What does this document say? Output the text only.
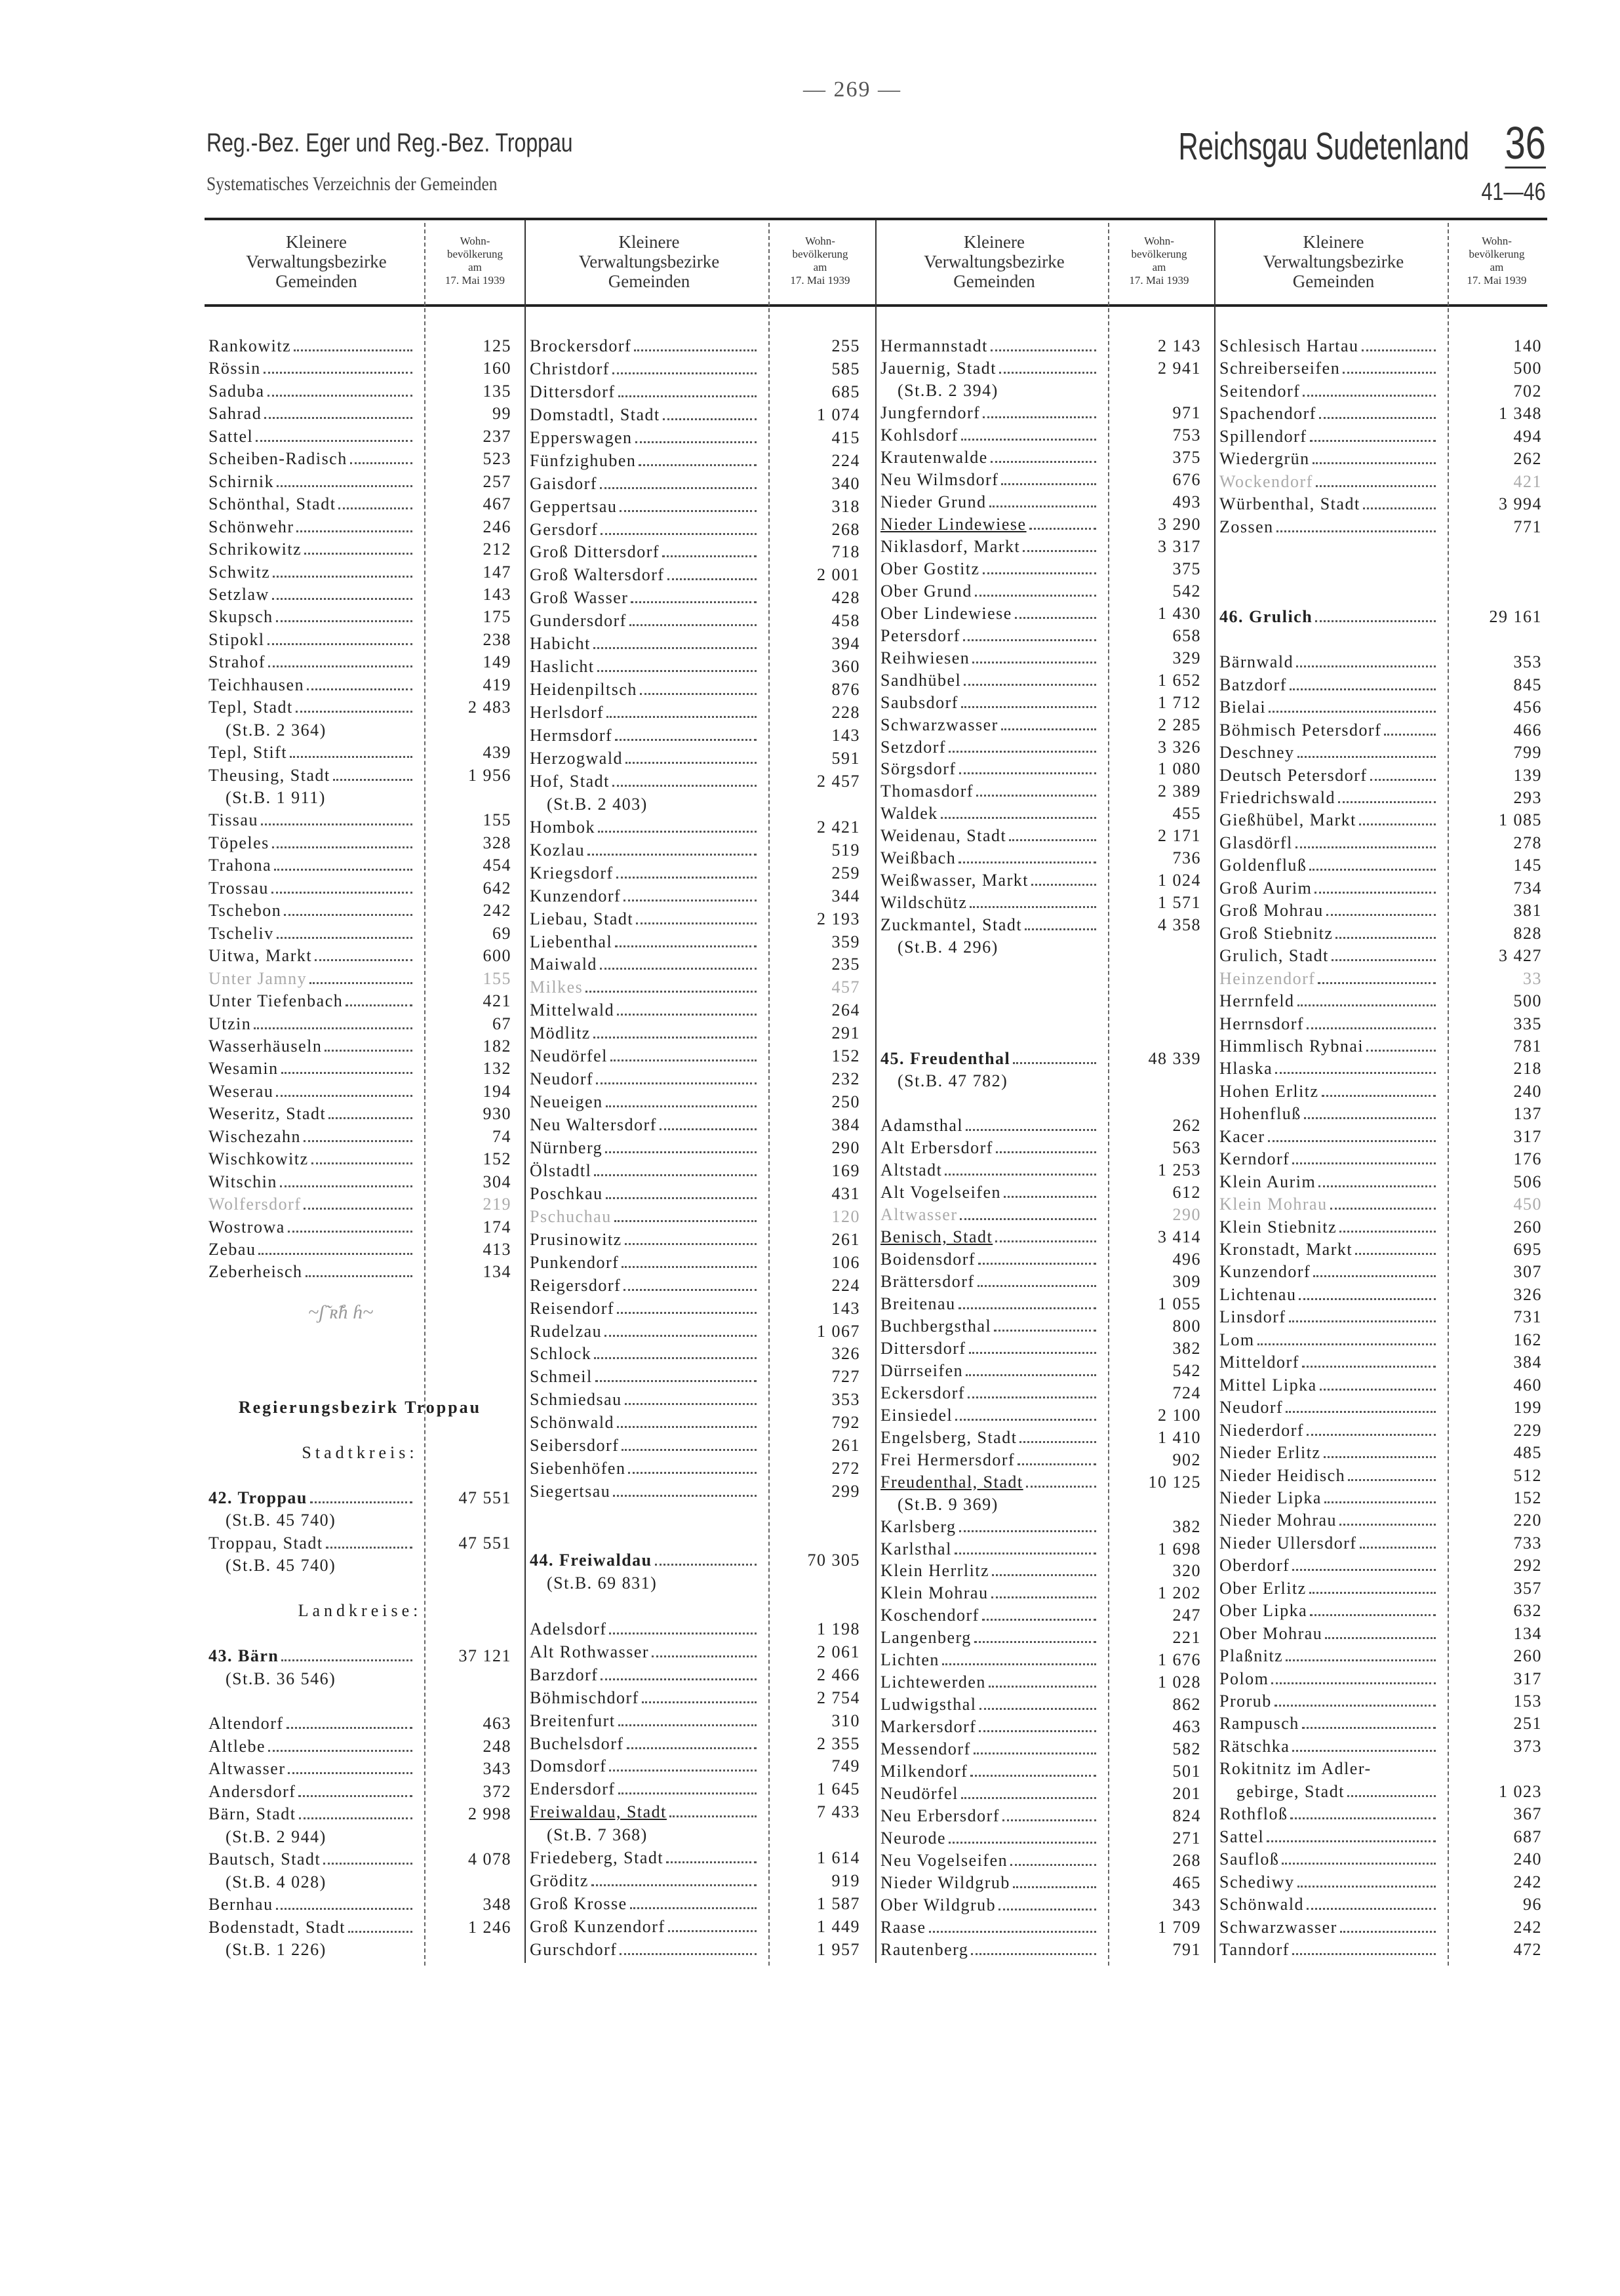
— 269 —
Reg.-Bez. Eger und Reg.-Bez. Troppau
Systematisches Verzeichnis der Gemeinden
Reichsgau Sudetenland 36
41—46
Kleinere
Verwaltungsbezirke
Gemeinden
Wohn-
bevölkerung
am
17. Mai 1939
Rankowitz	125
Rössin	160
Saduba	135
Sahrad	99
Sattel	237
Scheiben-Radisch	523
Schirnik	257
Schönthal, Stadt	467
Schönwehr	246
Schrikowitz	212
Schwitz	147
Setzlaw	143
Skupsch	175
Stipokl	238
Strahof	149
Teichhausen	419
Tepl, Stadt	2 483
(St.B. 2 364)
Tepl, Stift	439
Theusing, Stadt	1 956
(St.B. 1 911)
Tissau	155
Töpeles	328
Trahona	454
Trossau	642
Tschebon	242
Tscheliv	69
Uitwa, Markt	600
Unter Jamny	155
Unter Tiefenbach	421
Utzin	67
Wasserhäuseln	182
Wesamin	132
Weserau	194
Weseritz, Stadt	930
Wischezahn	74
Wischkowitz	152
Witschin	304
Wolfersdorf	219
Wostrowa	174
Zebau	413
Zeberheisch	134
Regierungsbezirk Troppau
Stadtkreis:
42. Troppau	47 551
(St.B. 45 740)
Troppau, Stadt	47 551
(St.B. 45 740)
Landkreise:
43. Bärn	37 121
(St.B. 36 546)
Altendorf	463
Altlebe	248
Altwasser	343
Andersdorf	372
Bärn, Stadt	2 998
(St.B. 2 944)
Bautsch, Stadt	4 078
(St.B. 4 028)
Bernhau	348
Bodenstadt, Stadt	1 246
(St.B. 1 226)
Kleinere
Verwaltungsbezirke
Gemeinden
Wohn-
bevölkerung
am
17. Mai 1939
Brockersdorf	255
Christdorf	585
Dittersdorf	685
Domstadtl, Stadt	1 074
Epperswagen	415
Fünfzighuben	224
Gaisdorf	340
Geppertsau	318
Gersdorf	268
Groß Dittersdorf	718
Groß Waltersdorf	2 001
Groß Wasser	428
Gundersdorf	458
Habicht	394
Haslicht	360
Heidenpiltsch	876
Herlsdorf	228
Hermsdorf	143
Herzogwald	591
Hof, Stadt	2 457
(St.B. 2 403)
Hombok	2 421
Kozlau	519
Kriegsdorf	259
Kunzendorf	344
Liebau, Stadt	2 193
Liebenthal	359
Maiwald	235
Milkes	457
Mittelwald	264
Mödlitz	291
Neudörfel	152
Neudorf	232
Neueigen	250
Neu Waltersdorf	384
Nürnberg	290
Ölstadtl	169
Poschkau	431
Pschuchau	120
Prusinowitz	261
Punkendorf	106
Reigersdorf	224
Reisendorf	143
Rudelzau	1 067
Schlock	326
Schmeil	727
Schmiedsau	353
Schönwald	792
Seibersdorf	261
Siebenhöfen	272
Siegertsau	299
44. Freiwaldau	70 305
(St.B. 69 831)
Adelsdorf	1 198
Alt Rothwasser	2 061
Barzdorf	2 466
Böhmischdorf	2 754
Breitenfurt	310
Buchelsdorf	2 355
Domsdorf	749
Endersdorf	1 645
Freiwaldau, Stadt	7 433
(St.B. 7 368)
Friedeberg, Stadt	1 614
Gröditz	919
Groß Krosse	1 587
Groß Kunzendorf	1 449
Gurschdorf	1 957
Kleinere
Verwaltungsbezirke
Gemeinden
Wohn-
bevölkerung
am
17. Mai 1939
Hermannstadt	2 143
Jauernig, Stadt	2 941
(St.B. 2 394)
Jungferndorf	971
Kohlsdorf	753
Krautenwalde	375
Neu Wilmsdorf	676
Nieder Grund	493
Nieder Lindewiese	3 290
Niklasdorf, Markt	3 317
Ober Gostitz	375
Ober Grund	542
Ober Lindewiese	1 430
Petersdorf	658
Reihwiesen	329
Sandhübel	1 652
Saubsdorf	1 712
Schwarzwasser	2 285
Setzdorf	3 326
Sörgsdorf	1 080
Thomasdorf	2 389
Waldek	455
Weidenau, Stadt	2 171
Weißbach	736
Weißwasser, Markt	1 024
Wildschütz	1 571
Zuckmantel, Stadt	4 358
(St.B. 4 296)
45. Freudenthal	48 339
(St.B. 47 782)
Adamsthal	262
Alt Erbersdorf	563
Altstadt	1 253
Alt Vogelseifen	612
Altwasser	290
Benisch, Stadt	3 414
Boidensdorf	496
Brättersdorf	309
Breitenau	1 055
Buchbergsthal	800
Dittersdorf	382
Dürrseifen	542
Eckersdorf	724
Einsiedel	2 100
Engelsberg, Stadt	1 410
Frei Hermersdorf	902
Freudenthal, Stadt	10 125
(St.B. 9 369)
Karlsberg	382
Karlsthal	1 698
Klein Herrlitz	320
Klein Mohrau	1 202
Koschendorf	247
Langenberg	221
Lichten	1 676
Lichtewerden	1 028
Ludwigsthal	862
Markersdorf	463
Messendorf	582
Milkendorf	501
Neudörfel	201
Neu Erbersdorf	824
Neurode	271
Neu Vogelseifen	268
Nieder Wildgrub	465
Ober Wildgrub	343
Raase	1 709
Rautenberg	791
Kleinere
Verwaltungsbezirke
Gemeinden
Wohn-
bevölkerung
am
17. Mai 1939
Schlesisch Hartau	140
Schreiberseifen	500
Seitendorf	702
Spachendorf	1 348
Spillendorf	494
Wiedergrün	262
Wockendorf	421
Würbenthal, Stadt	3 994
Zossen	771
46. Grulich	29 161
Bärnwald	353
Batzdorf	845
Bielai	456
Böhmisch Petersdorf	466
Deschney	799
Deutsch Petersdorf	139
Friedrichswald	293
Gießhübel, Markt	1 085
Glasdörfl	278
Goldenfluß	145
Groß Aurim	734
Groß Mohrau	381
Groß Stiebnitz	828
Grulich, Stadt	3 427
Heinzendorf	33
Herrnfeld	500
Herrnsdorf	335
Himmlisch Rybnai	781
Hlaska	218
Hohen Erlitz	240
Hohenfluß	137
Kacer	317
Kerndorf	176
Klein Aurim	506
Klein Mohrau	450
Klein Stiebnitz	260
Kronstadt, Markt	695
Kunzendorf	307
Lichtenau	326
Linsdorf	731
Lom	162
Mitteldorf	384
Mittel Lipka	460
Neudorf	199
Niederdorf	229
Nieder Erlitz	485
Nieder Heidisch	512
Nieder Lipka	152
Nieder Mohrau	220
Nieder Ullersdorf	733
Oberdorf	292
Ober Erlitz	357
Ober Lipka	632
Ober Mohrau	134
Plaßnitz	260
Polom	317
Prorub	153
Rampusch	251
Rätschka	373
Rokitnitz im Adler-
gebirge, Stadt	1 023
Rothfloß	367
Sattel	687
Saufloß	240
Schediwy	242
Schönwald	96
Schwarzwasser	242
Tanndorf	472
~ʃ̃ ʀ̃ɦ ɦ~
